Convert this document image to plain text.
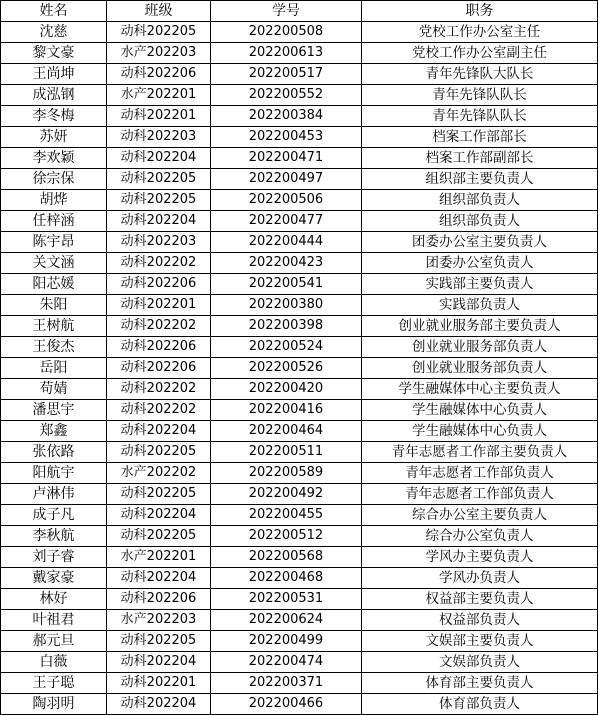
姓名	班级	学号	职务
沈慈	动科202205	202200508	党校工作办公室主任
黎文豪	水产202203	202200613	党校工作办公室副主任
王尚坤	动科202206	202200517	青年先锋队大队长
成泓钢	水产202201	202200552	青年先锋队队长
李冬梅	动科202201	202200384	青年先锋队队长
苏妍	动科202203	202200453	档案工作部部长
李欢颖	动科202204	202200471	档案工作部副部长
徐宗保	动科202205	202200497	组织部主要负责人
胡烨	动科202205	202200506	组织部负责人
任梓涵	动科202204	202200477	组织部负责人
陈宇昂	动科202203	202200444	团委办公室主要负责人
关文涵	动科202202	202200423	团委办公室负责人
阳芯媛	动科202206	202200541	实践部主要负责人
朱阳	动科202201	202200380	实践部负责人
王树航	动科202202	202200398	创业就业服务部主要负责人
王俊杰	动科202206	202200524	创业就业服务部负责人
岳阳	动科202206	202200526	创业就业服务部负责人
苟婧	动科202202	202200420	学生融媒体中心主要负责人
潘思宇	动科202202	202200416	学生融媒体中心负责人
郑鑫	动科202204	202200464	学生融媒体中心负责人
张依路	动科202205	202200511	青年志愿者工作部主要负责人
阳航宇	水产202202	202200589	青年志愿者工作部负责人
卢淋伟	动科202205	202200492	青年志愿者工作部负责人
成子凡	动科202204	202200455	综合办公室主要负责人
李秋航	动科202205	202200512	综合办公室负责人
刘子睿	水产202201	202200568	学风办主要负责人
戴家豪	动科202204	202200468	学风办负责人
林好	动科202206	202200531	权益部主要负责人
叶祖君	水产202203	202200624	权益部负责人
郝元旦	动科202205	202200499	文娱部主要负责人
白薇	动科202204	202200474	文娱部负责人
王子聪	动科202201	202200371	体育部主要负责人
陶羽明	动科202204	202200466	体育部负责人
